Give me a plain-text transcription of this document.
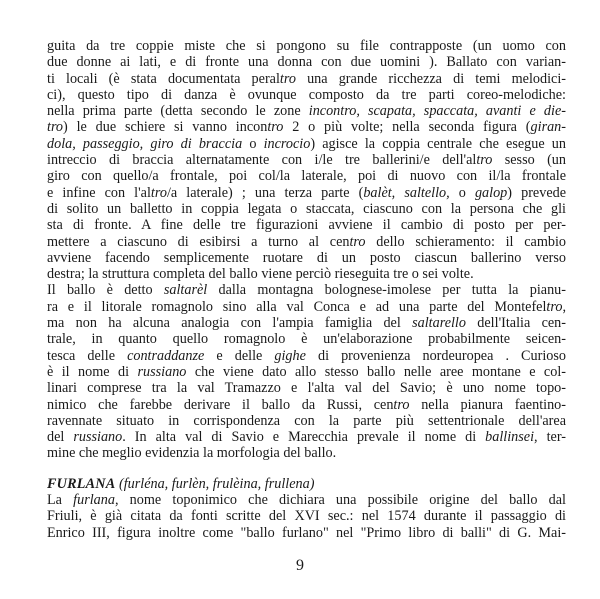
guita da tre coppie miste che si pongono su file contrapposte (un uomo con
due donne ai lati, e di fronte una donna con due uomini ). Ballato con varian-
ti locali (è stata documentata peraltro una grande ricchezza di temi melodici-
ci), questo tipo di danza è ovunque composto da tre parti coreo-melodiche:
nella prima parte (detta secondo le zone incontro, scapata, spaccata, avanti e die-
tro) le due schiere si vanno incontro 2 o più volte; nella seconda figura (giran-
dola, passeggio, giro di braccia o incrocio) agisce la coppia centrale che esegue un
intreccio di braccia alternatamente con i/le tre ballerini/e dell'altro sesso (un
giro con quello/a frontale, poi col/la laterale, poi di nuovo con il/la frontale
e infine con l'altro/a laterale) ; una terza parte (balèt, saltello, o galop) prevede
di solito un balletto in coppia legata o staccata, ciascuno con la persona che gli
sta di fronte. A fine delle tre figurazioni avviene il cambio di posto per per-
mettere a ciascuno di esibirsi a turno al centro dello schieramento: il cambio
avviene facendo semplicemente ruotare di un posto ciascun ballerino verso
destra; la struttura completa del ballo viene perciò rieseguita tre o sei volte.
Il ballo è detto saltarèl dalla montagna bolognese-imolese per tutta la pianu-
ra e il litorale romagnolo sino alla val Conca e ad una parte del Montefeltro,
ma non ha alcuna analogia con l'ampia famiglia del saltarello dell'Italia cen-
trale, in quanto quello romagnolo è un'elaborazione probabilmente seicen-
tesca delle contraddanze e delle gighe di provenienza nordeuropea . Curioso
è il nome di russiano che viene dato allo stesso ballo nelle aree montane e col-
linari comprese tra la val Tramazzo e l'alta val del Savio; è uno nome topo-
nimico che farebbe derivare il ballo da Russi, centro nella pianura faentino-
ravennate situato in corrispondenza con la parte più settentrionale dell'area
del russiano. In alta val di Savio e Marecchia prevale il nome di ballinsei, ter-
mine che meglio evidenzia la morfologia del ballo.
FURLANA (furléna, furlèn, frulèina, frullena)
La furlana, nome toponimico che dichiara una possibile origine del ballo dal
Friuli, è già citata da fonti scritte del XVI sec.: nel 1574 durante il passaggio di
Enrico III, figura inoltre come "ballo furlano" nel "Primo libro di balli" di G. Mai-
9
